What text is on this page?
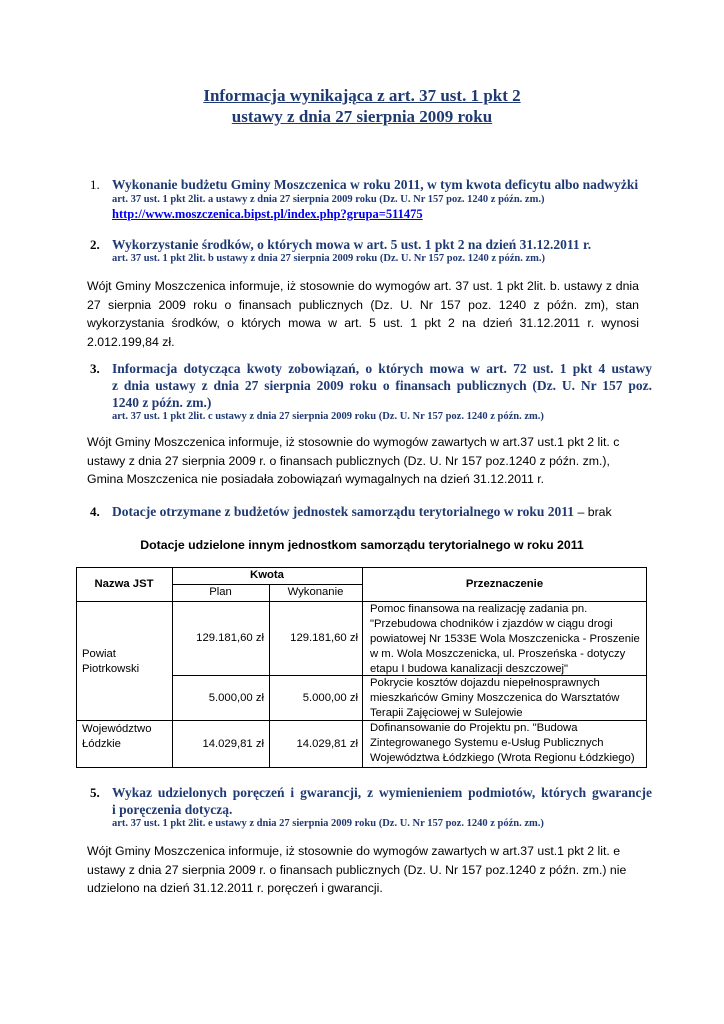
Informacja wynikająca z art. 37 ust. 1 pkt 2
ustawy z dnia 27 sierpnia 2009 roku
1. Wykonanie budżetu Gminy Moszczenica w roku 2011, w tym kwota deficytu albo nadwyżki
art. 37 ust. 1 pkt 2lit. a ustawy z dnia 27 sierpnia 2009 roku (Dz. U. Nr 157 poz. 1240 z późn. zm.)
http://www.moszczenica.bipst.pl/index.php?grupa=511475
2. Wykorzystanie środków, o których mowa w art. 5 ust. 1 pkt 2 na dzień 31.12.2011 r.
art. 37 ust. 1 pkt 2lit. b ustawy z dnia 27 sierpnia 2009 roku (Dz. U. Nr 157 poz. 1240 z późn. zm.)
Wójt Gminy Moszczenica informuje, iż stosownie do wymogów art. 37 ust. 1 pkt 2lit. b. ustawy z dnia 27 sierpnia 2009 roku o finansach publicznych (Dz. U. Nr 157 poz. 1240 z późn. zm), stan wykorzystania środków, o których mowa w art. 5 ust. 1 pkt 2 na dzień 31.12.2011 r. wynosi 2.012.199,84 zł.
3. Informacja dotycząca kwoty zobowiązań, o których mowa w art. 72 ust. 1 pkt 4 ustawy
z dnia ustawy z dnia 27 sierpnia 2009 roku o finansach publicznych (Dz. U. Nr 157 poz.
1240 z późn. zm.)
art. 37 ust. 1 pkt 2lit. c ustawy z dnia 27 sierpnia 2009 roku (Dz. U. Nr 157 poz. 1240 z późn. zm.)
Wójt Gminy Moszczenica informuje, iż stosownie do wymogów zawartych w art.37 ust.1 pkt 2 lit. c ustawy z dnia 27 sierpnia 2009 r. o finansach publicznych (Dz. U. Nr 157 poz.1240 z późn. zm.), Gmina Moszczenica nie posiadała zobowiązań wymagalnych na dzień 31.12.2011 r.
4. Dotacje otrzymane z budżetów jednostek samorządu terytorialnego w roku 2011 – brak
Dotacje udzielone innym jednostkom samorządu terytorialnego w roku 2011
Nazwa JST
Kwota
Plan	Wykonanie
Przeznaczenie
Powiat Piotrkowski
129.181,60 zł	129.181,60 zł
Pomoc finansowa na realizację zadania pn. "Przebudowa chodników i zjazdów w ciągu drogi powiatowej Nr 1533E Wola Moszczenicka - Proszenie w m. Wola Moszczenicka, ul. Proszeńska - dotyczy etapu I budowa kanalizacji deszczowej"
5.000,00 zł	5.000,00 zł
Pokrycie kosztów dojazdu niepełnosprawnych mieszkańców Gminy Moszczenica do Warsztatów Terapii Zajęciowej w Sulejowie
Województwo Łódzkie	14.029,81 zł	14.029,81 zł
Dofinansowanie do Projektu pn. "Budowa Zintegrowanego Systemu e-Usług Publicznych Województwa Łódzkiego (Wrota Regionu Łódzkiego)
5. Wykaz udzielonych poręczeń i gwarancji, z wymienieniem podmiotów, których gwarancje
i poręczenia dotyczą.
art. 37 ust. 1 pkt 2lit. e ustawy z dnia 27 sierpnia 2009 roku (Dz. U. Nr 157 poz. 1240 z późn. zm.)
Wójt Gminy Moszczenica informuje, iż stosownie do wymogów zawartych w art.37 ust.1 pkt 2 lit. e ustawy z dnia 27 sierpnia 2009 r. o finansach publicznych (Dz. U. Nr 157 poz.1240 z późn. zm.) nie udzielono na dzień 31.12.2011 r. poręczeń i gwarancji.
